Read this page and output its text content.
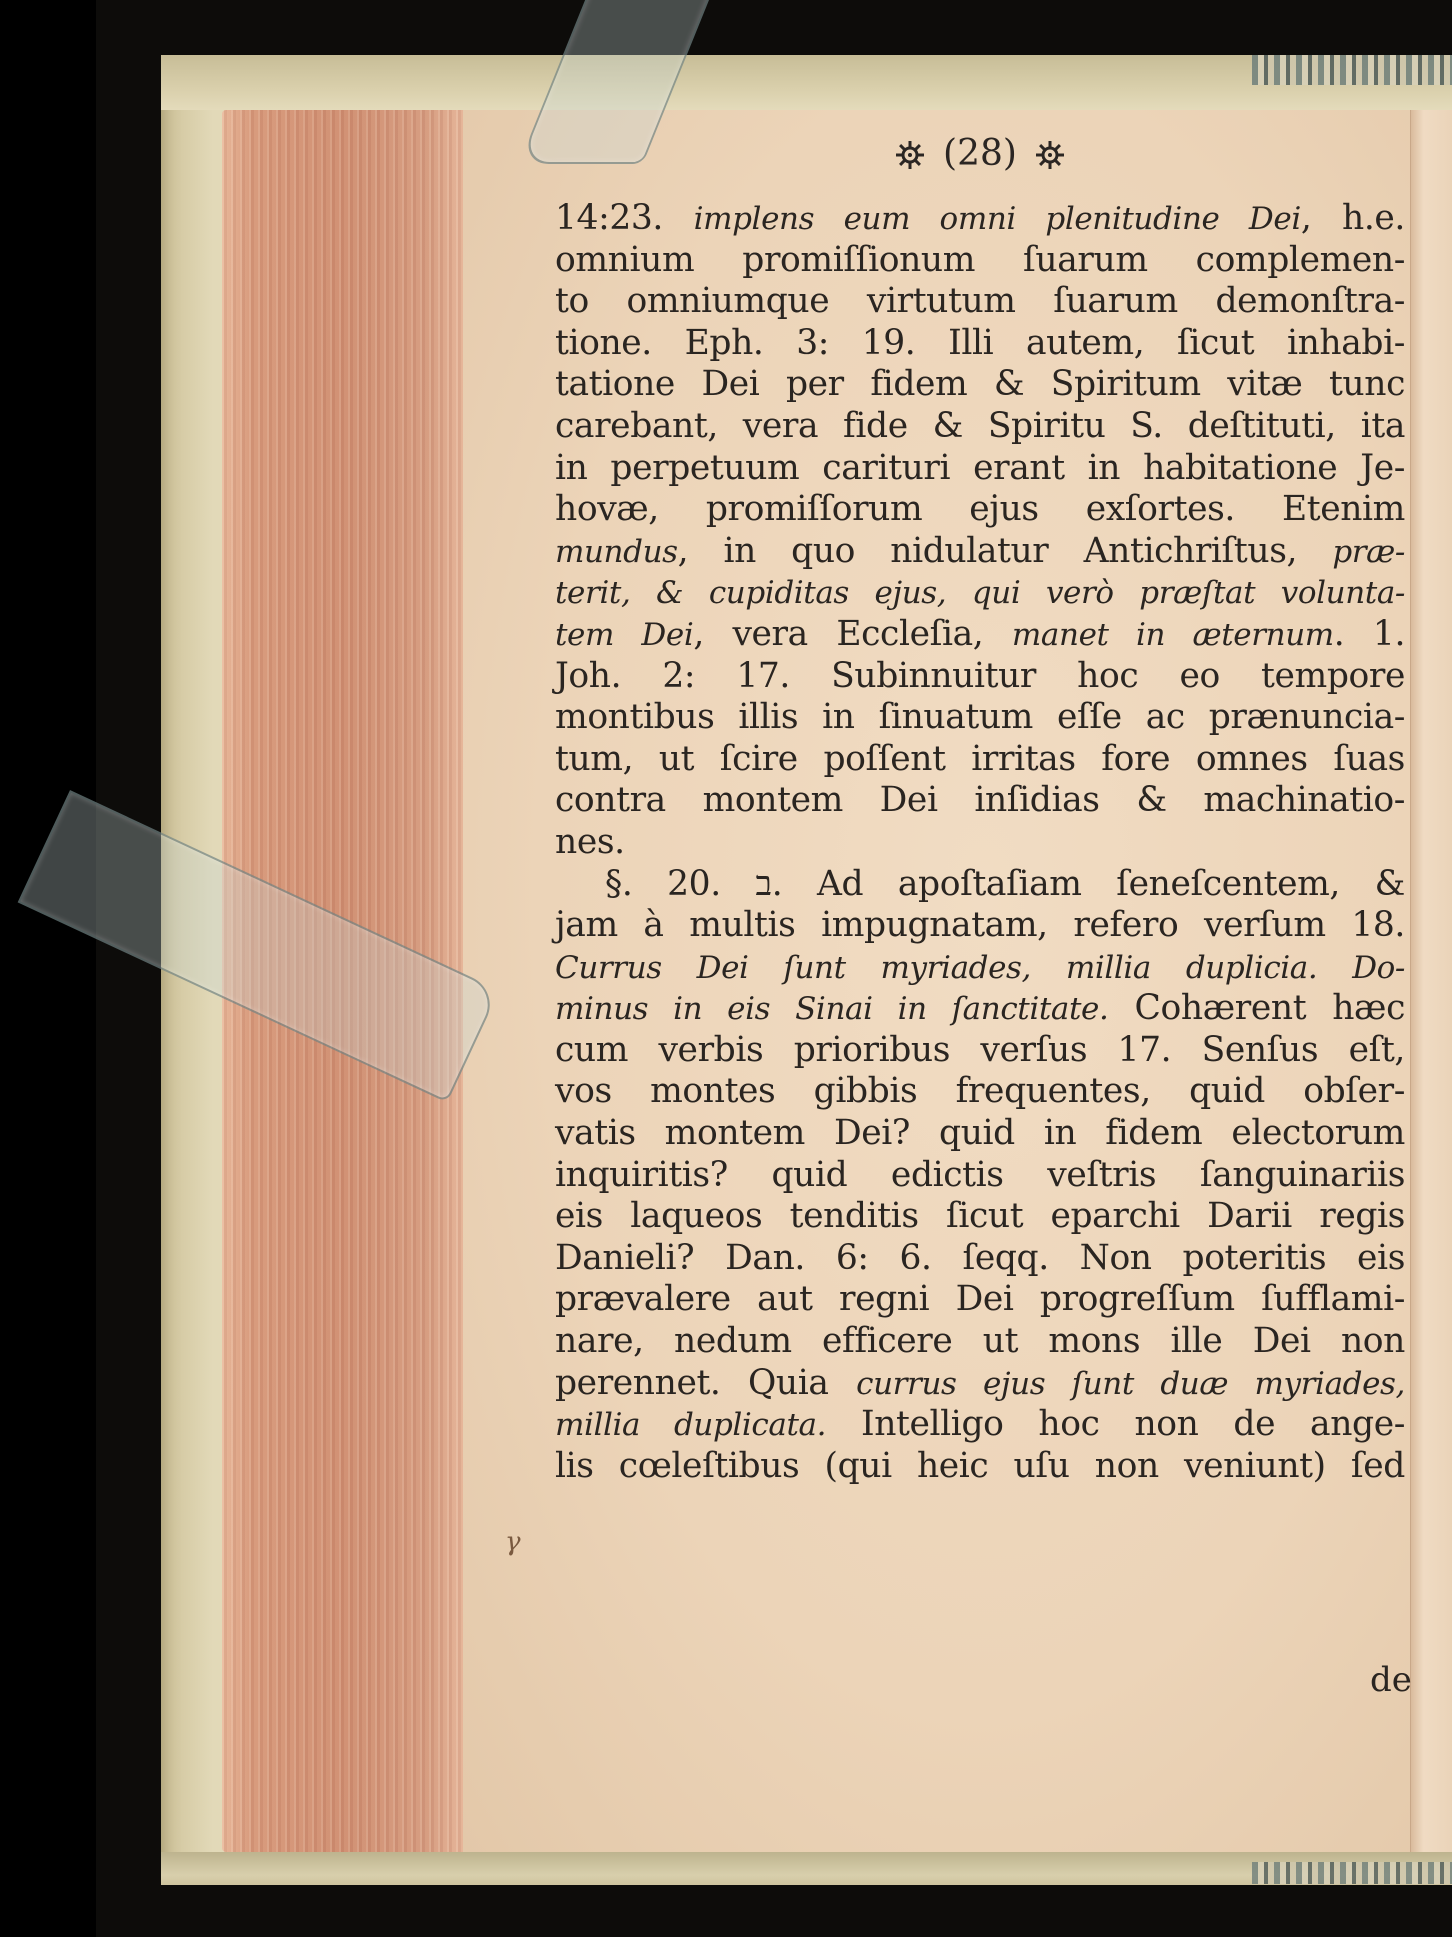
(28)
14:23. implens eum omni plenitudine Dei, h.e.
omnium promiſſionum ſuarum complemen-
to omniumque virtutum ſuarum demonſtra-
tione. Eph. 3: 19. Illi autem, ſicut inhabi-
tatione Dei per fidem & Spiritum vitæ tunc
carebant, vera fide & Spiritu S. deſtituti, ita
in perpetuum carituri erant in habitatione Je-
hovæ, promiſſorum ejus exſortes. Etenim
mundus, in quo nidulatur Antichriſtus, præ-
terit, & cupiditas ejus, qui verò præſtat volunta-
tem Dei, vera Eccleſia, manet in æternum. 1.
Joh. 2: 17. Subinnuitur hoc eo tempore
montibus illis in ſinuatum eſſe ac prænuncia-
tum, ut ſcire poſſent irritas fore omnes ſuas
contra montem Dei inſidias & machinatio-
nes.
§. 20. ב. Ad apoſtaſiam ſeneſcentem, &
jam à multis impugnatam, refero verſum 18.
Currus Dei ſunt myriades, millia duplicia. Do-
minus in eis Sinai in ſanctitate. Cohærent hæc
cum verbis prioribus verſus 17. Senſus eſt,
vos montes gibbis frequentes, quid obſer-
vatis montem Dei? quid in fidem electorum
inquiritis? quid edictis veſtris ſanguinariis
eis laqueos tenditis ſicut eparchi Darii regis
Danieli? Dan. 6: 6. ſeqq. Non poteritis eis
prævalere aut regni Dei progreſſum ſufflami-
nare, nedum efficere ut mons ille Dei non
perennet. Quia currus ejus ſunt duæ myriades,
millia duplicata. Intelligo hoc non de ange-
lis cœleſtibus (qui heic uſu non veniunt) ſed
de
γ
